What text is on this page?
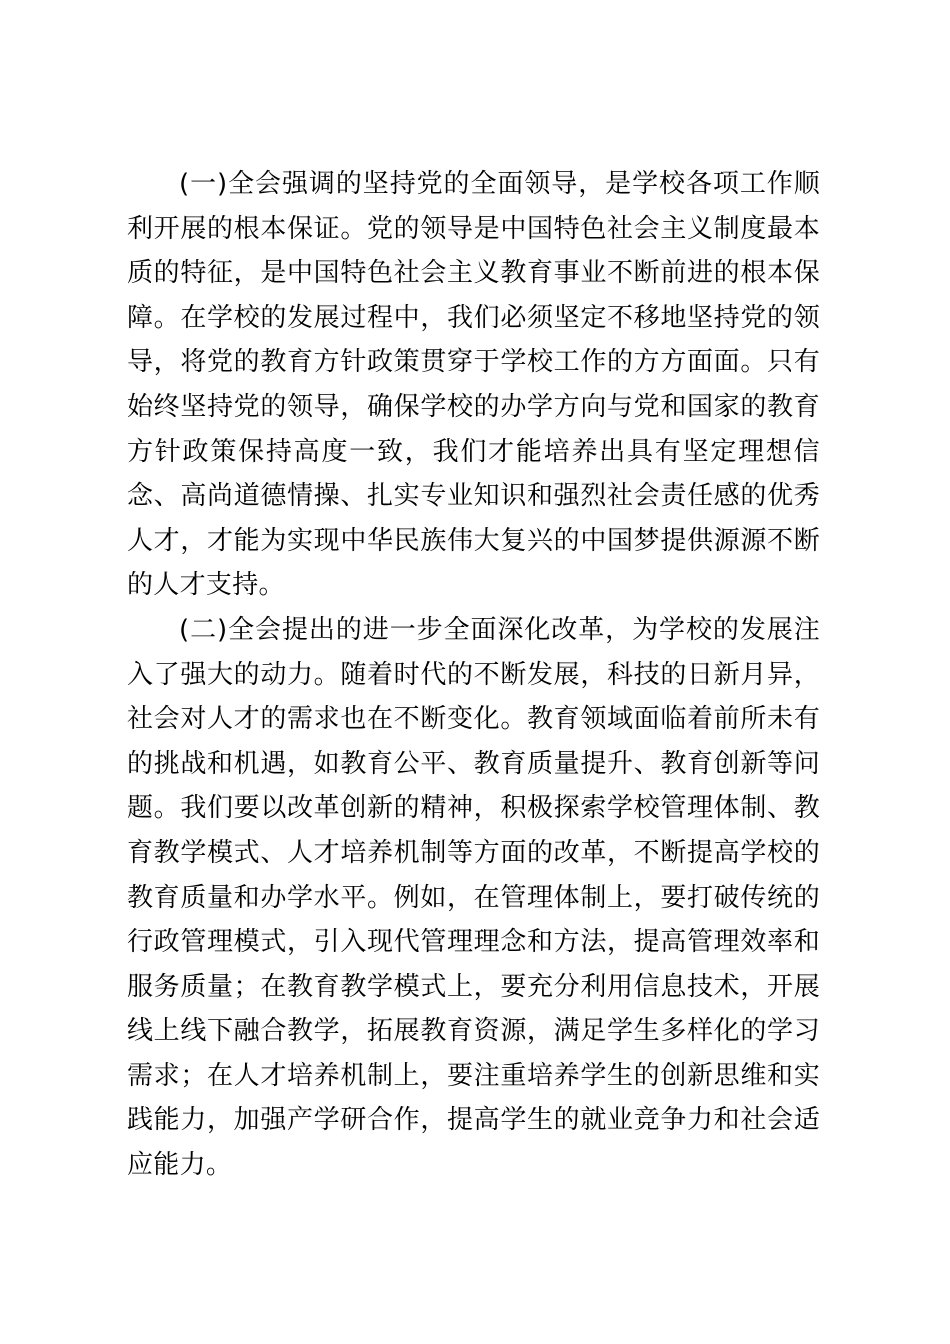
(一)全会强调的坚持党的全面领导，是学校各项工作顺利开展的根本保证。党的领导是中国特色社会主义制度最本质的特征，是中国特色社会主义教育事业不断前进的根本保障。在学校的发展过程中，我们必须坚定不移地坚持党的领导，将党的教育方针政策贯穿于学校工作的方方面面。只有始终坚持党的领导，确保学校的办学方向与党和国家的教育方针政策保持高度一致，我们才能培养出具有坚定理想信念、高尚道德情操、扎实专业知识和强烈社会责任感的优秀人才，才能为实现中华民族伟大复兴的中国梦提供源源不断的人才支持。

(二)全会提出的进一步全面深化改革，为学校的发展注入了强大的动力。随着时代的不断发展，科技的日新月异，社会对人才的需求也在不断变化。教育领域面临着前所未有的挑战和机遇，如教育公平、教育质量提升、教育创新等问题。我们要以改革创新的精神，积极探索学校管理体制、教育教学模式、人才培养机制等方面的改革，不断提高学校的教育质量和办学水平。例如，在管理体制上，要打破传统的行政管理模式，引入现代管理理念和方法，提高管理效率和服务质量；在教育教学模式上，要充分利用信息技术，开展线上线下融合教学，拓展教育资源，满足学生多样化的学习需求；在人才培养机制上，要注重培养学生的创新思维和实践能力，加强产学研合作，提高学生的就业竞争力和社会适应能力。
